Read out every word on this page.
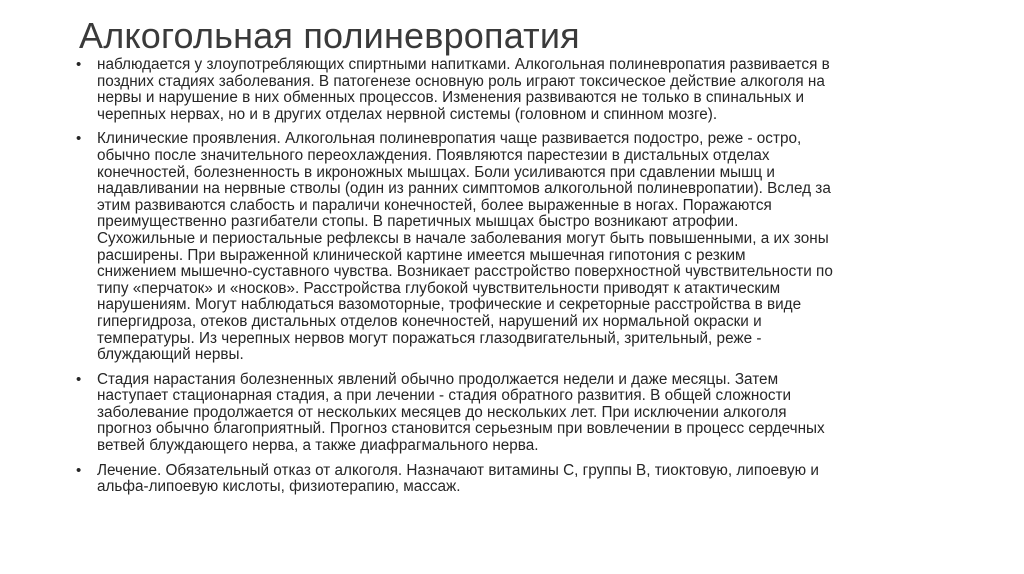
Алкогольная полиневропатия
•	наблюдается у злоупотребляющих спиртными напитками. Алкогольная полиневропатия развивается в
поздних стадиях заболевания. В патогенезе основную роль играют токсическое действие алкоголя на
нервы и нарушение в них обменных процессов. Изменения развиваются не только в спинальных и
черепных нервах, но и в других отделах нервной системы (головном и спинном мозге).
•	Клинические проявления. Алкогольная полиневропатия чаще развивается подостро, реже - остро,
обычно после значительного переохлаждения. Появляются парестезии в дистальных отделах
конечностей, болезненность в икроножных мышцах. Боли усиливаются при сдавлении мышц и
надавливании на нервные стволы (один из ранних симптомов алкогольной полиневропатии). Вслед за
этим развиваются слабость и параличи конечностей, более выраженные в ногах. Поражаются
преимущественно разгибатели стопы. В паретичных мышцах быстро возникают атрофии.
Сухожильные и периостальные рефлексы в начале заболевания могут быть повышенными, а их зоны
расширены. При выраженной клинической картине имеется мышечная гипотония с резким
снижением мышечно-суставного чувства. Возникает расстройство поверхностной чувствительности по
типу «перчаток» и «носков». Расстройства глубокой чувствительности приводят к атактическим
нарушениям. Могут наблюдаться вазомоторные, трофические и секреторные расстройства в виде
гипергидроза, отеков дистальных отделов конечностей, нарушений их нормальной окраски и
температуры. Из черепных нервов могут поражаться глазодвигательный, зрительный, реже -
блуждающий нервы.
•	Стадия нарастания болезненных явлений обычно продолжается недели и даже месяцы. Затем
наступает стационарная стадия, а при лечении - стадия обратного развития. В общей сложности
заболевание продолжается от нескольких месяцев до нескольких лет. При исключении алкоголя
прогноз обычно благоприятный. Прогноз становится серьезным при вовлечении в процесс сердечных
ветвей блуждающего нерва, а также диафрагмального нерва.
•	Лечение. Обязательный отказ от алкоголя. Назначают витамины С, группы В, тиоктовую, липоевую и
альфа-липоевую кислоты, физиотерапию, массаж.
